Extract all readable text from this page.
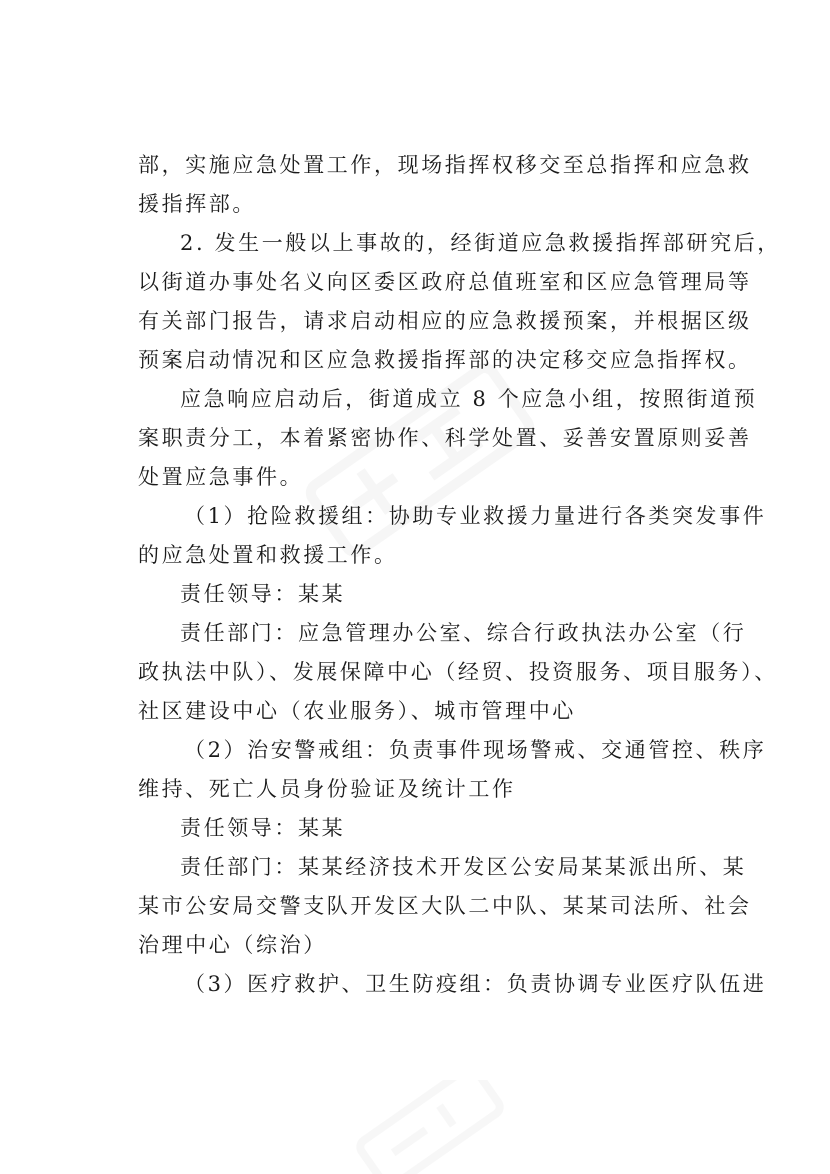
部，实施应急处置工作，现场指挥权移交至总指挥和应急救
援指挥部。
2. 发生一般以上事故的，经街道应急救援指挥部研究后，
以街道办事处名义向区委区政府总值班室和区应急管理局等
有关部门报告，请求启动相应的应急救援预案，并根据区级
预案启动情况和区应急救援指挥部的决定移交应急指挥权。
应急响应启动后，街道成立 8 个应急小组，按照街道预
案职责分工，本着紧密协作、科学处置、妥善安置原则妥善
处置应急事件。
（1）抢险救援组：协助专业救援力量进行各类突发事件
的应急处置和救援工作。
责任领导：某某
责任部门：应急管理办公室、综合行政执法办公室（行
政执法中队）、发展保障中心（经贸、投资服务、项目服务）、
社区建设中心（农业服务）、城市管理中心
（2）治安警戒组：负责事件现场警戒、交通管控、秩序
维持、死亡人员身份验证及统计工作
责任领导：某某
责任部门：某某经济技术开发区公安局某某派出所、某
某市公安局交警支队开发区大队二中队、某某司法所、社会
治理中心（综治）
（3）医疗救护、卫生防疫组：负责协调专业医疗队伍进
